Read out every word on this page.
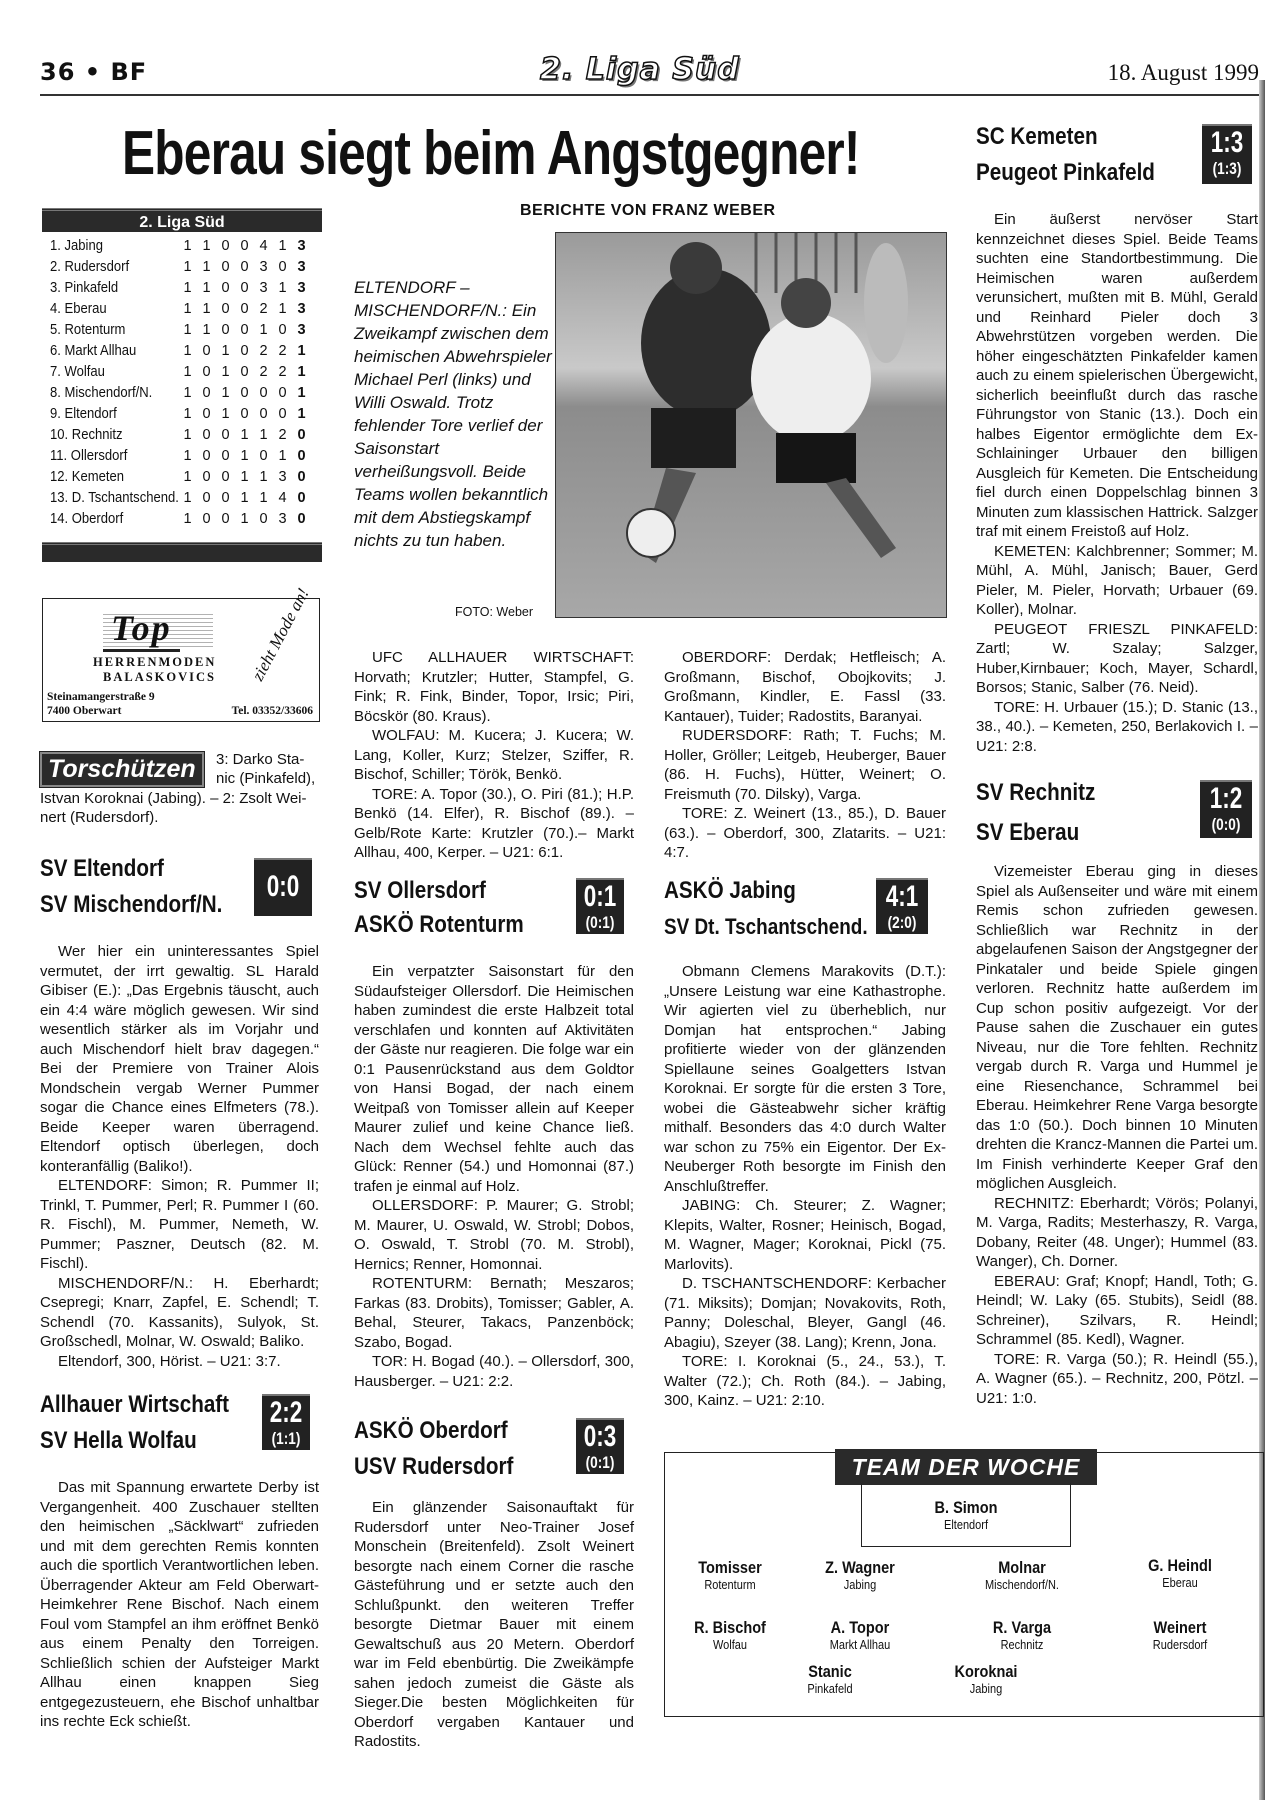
36 • BF	2. Liga Süd	18. August 1999
Eberau siegt beim Angstgegner!
BERICHTE VON FRANZ WEBER
2. Liga Süd
1. Jabing	1 1 0 0 4 1 3
2. Rudersdorf	1 1 0 0 3 0 3
3. Pinkafeld	1 1 0 0 3 1 3
4. Eberau	1 1 0 0 2 1 3
5. Rotenturm	1 1 0 0 1 0 3
6. Markt Allhau	1 0 1 0 2 2 1
7. Wolfau	1 0 1 0 2 2 1
8. Mischendorf/N.	1 0 1 0 0 0 1
9. Eltendorf	1 0 1 0 0 0 1
10. Rechnitz	1 0 0 1 1 2 0
11. Ollersdorf	1 0 0 1 0 1 0
12. Kemeten	1 0 0 1 1 3 0
13. D. Tschantschend. 1 0 0 1 1 4 0
14. Oberdorf	1 0 0 1 0 3 0
Top
HERRENMODEN
BALASKOVICS zieht Mode an!
Steinamangerstraße 9
7400 Oberwart	Tel. 03352/33606
Torschützen	3: Darko Sta-
nic (Pinkafeld),
Istvan Koroknai (Jabing). – 2: Zsolt Wei-
nert (Rudersdorf).
ELTENDORF – MISCHENDORF/N.: Ein Zweikampf zwischen dem heimischen Abwehrspieler Michael Perl (links) und Willi Oswald. Trotz fehlender Tore verlief der Saisonstart verheißungsvoll. Beide Teams wollen bekanntlich mit dem Abstiegskampf nichts zu tun haben.
FOTO: Weber
SV Eltendorf
SV Mischendorf/N.
0:0

Wer hier ein uninteressantes Spiel vermutet, der irrt gewaltig. SL Harald Gibiser (E.): „Das Ergebnis täuscht, auch ein 4:4 wäre möglich gewesen. Wir sind wesentlich stärker als im Vorjahr und auch Mischendorf hielt brav dagegen.“ Bei der Premiere von Trainer Alois Mondschein vergab Werner Pummer sogar die Chance eines Elfmeters (78.). Beide Keeper waren überragend. Eltendorf optisch überlegen, doch konteranfällig (Baliko!).

ELTENDORF: Simon; R. Pummer II; Trinkl, T. Pummer, Perl; R. Pummer I (60. R. Fischl), M. Pummer, Nemeth, W. Pummer; Paszner, Deutsch (82. M. Fischl).

MISCHENDORF/N.: H. Eberhardt; Csepregi; Knarr, Zapfel, E. Schendl; T. Schendl (70. Kassanits), Sulyok, St. Großschedl, Molnar, W. Oswald; Baliko.

Eltendorf, 300, Hörist. – U21: 3:7.

Allhauer Wirtschaft
SV Hella Wolfau
2:2
(1:1)

Das mit Spannung erwartete Derby ist Vergangenheit. 400 Zuschauer stellten den heimischen „Säcklwart“ zufrieden und mit dem gerechten Remis konnten auch die sportlich Verantwortlichen leben. Überragender Akteur am Feld Oberwart-Heimkehrer Rene Bischof. Nach einem Foul vom Stampfel an ihm eröffnet Benkö aus einem Penalty den Torreigen. Schließlich schien der Aufsteiger Markt Allhau einen knappen Sieg entgegezusteuern, ehe Bischof unhaltbar ins rechte Eck schießt.

UFC ALLHAUER WIRTSCHAFT: Horvath; Krutzler; Hutter, Stampfel, G. Fink; R. Fink, Binder, Topor, Irsic; Piri, Böcskör (80. Kraus).

WOLFAU: M. Kucera; J. Kucera; W. Lang, Koller, Kurz; Stelzer, Sziffer, R. Bischof, Schiller; Török, Benkö.

TORE: A. Topor (30.), O. Piri (81.); H.P. Benkö (14. Elfer), R. Bischof (89.). – Gelb/Rote Karte: Krutzler (70.).– Markt Allhau, 400, Kerper. – U21: 6:1.

SV Ollersdorf
ASKÖ Rotenturm
0:1
(0:1)

Ein verpatzter Saisonstart für den Südaufsteiger Ollersdorf. Die Heimischen haben zumindest die erste Halbzeit total verschlafen und konnten auf Aktivitäten der Gäste nur reagieren. Die folge war ein 0:1 Pausenrückstand aus dem Goldtor von Hansi Bogad, der nach einem Weitpaß von Tomisser allein auf Keeper Maurer zulief und keine Chance ließ. Nach dem Wechsel fehlte auch das Glück: Renner (54.) und Homonnai (87.) trafen je einmal auf Holz.

OLLERSDORF: P. Maurer; G. Strobl; M. Maurer, U. Oswald, W. Strobl; Dobos, O. Oswald, T. Strobl (70. M. Strobl), Hernics; Renner, Homonnai.

ROTENTURM: Bernath; Meszaros; Farkas (83. Drobits), Tomisser; Gabler, A. Behal, Steurer, Takacs, Panzenböck; Szabo, Bogad.

TOR: H. Bogad (40.). – Ollersdorf, 300, Hausberger. – U21: 2:2.

ASKÖ Oberdorf
USV Rudersdorf
0:3
(0:1)

Ein glänzender Saisonauftakt für Rudersdorf unter Neo-Trainer Josef Monschein (Breitenfeld). Zsolt Weinert besorgte nach einem Corner die rasche Gästeführung und er setzte auch den Schlußpunkt. den weiteren Treffer besorgte Dietmar Bauer mit einem Gewaltschuß aus 20 Metern. Oberdorf war im Feld ebenbürtig. Die Zweikämpfe sahen jedoch zumeist die Gäste als Sieger.Die besten Möglichkeiten für Oberdorf vergaben Kantauer und Radostits.

OBERDORF: Derdak; Hetfleisch; A. Großmann, Bischof, Obojkovits; J. Großmann, Kindler, E. Fassl (33. Kantauer), Tuider; Radostits, Baranyai.

RUDERSDORF: Rath; T. Fuchs; M. Holler, Gröller; Leitgeb, Heuberger, Bauer (86. H. Fuchs), Hütter, Weinert; O. Freismuth (70. Dilsky), Varga.

TORE: Z. Weinert (13., 85.), D. Bauer (63.). – Oberdorf, 300, Zlatarits. – U21: 4:7.

ASKÖ Jabing
SV Dt. Tschantschend.
4:1
(2:0)

Obmann Clemens Marakovits (D.T.): „Unsere Leistung war eine Kathastrophe. Wir agierten viel zu überheblich, nur Domjan hat entsprochen.“ Jabing profitierte wieder von der glänzenden Spiellaune seines Goalgetters Istvan Koroknai. Er sorgte für die ersten 3 Tore, wobei die Gästeabwehr sicher kräftig mithalf. Besonders das 4:0 durch Walter war schon zu 75% ein Eigentor. Der Ex-Neuberger Roth besorgte im Finish den Anschlußtreffer.

JABING: Ch. Steurer; Z. Wagner; Klepits, Walter, Rosner; Heinisch, Bogad, M. Wagner, Mager; Koroknai, Pickl (75. Marlovits).

D. TSCHANTSCHENDORF: Kerbacher (71. Miksits); Domjan; Novakovits, Roth, Panny; Doleschal, Bleyer, Gangl (46. Abagiu), Szeyer (38. Lang); Krenn, Jona.

TORE: I. Koroknai (5., 24., 53.), T. Walter (72.); Ch. Roth (84.). – Jabing, 300, Kainz. – U21: 2:10.

SC Kemeten
Peugeot Pinkafeld
1:3
(1:3)

Ein äußerst nervöser Start kennzeichnet dieses Spiel. Beide Teams suchten eine Standortbestimmung. Die Heimischen waren außerdem verunsichert, mußten mit B. Mühl, Gerald und Reinhard Pieler doch 3 Abwehrstützen vorgeben werden. Die höher eingeschätzten Pinkafelder kamen auch zu einem spielerischen Übergewicht, sicherlich beeinflußt durch das rasche Führungstor von Stanic (13.). Doch ein halbes Eigentor ermöglichte dem Ex-Schlaininger Urbauer den billigen Ausgleich für Kemeten. Die Entscheidung fiel durch einen Doppelschlag binnen 3 Minuten zum klassischen Hattrick. Salzger traf mit einem Freistoß auf Holz.

KEMETEN: Kalchbrenner; Sommer; M. Mühl, A. Mühl, Janisch; Bauer, Gerd Pieler, M. Pieler, Horvath; Urbauer (69. Koller), Molnar.

PEUGEOT FRIESZL PINKAFELD: Zartl; W. Szalay; Salzger, Huber,Kirnbauer; Koch, Mayer, Schardl, Borsos; Stanic, Salber (76. Neid).

TORE: H. Urbauer (15.); D. Stanic (13., 38., 40.). – Kemeten, 250, Berlakovich I. – U21: 2:8.

SV Rechnitz
SV Eberau
1:2
(0:0)

Vizemeister Eberau ging in dieses Spiel als Außenseiter und wäre mit einem Remis schon zufrieden gewesen. Schließlich war Rechnitz in der abgelaufenen Saison der Angstgegner der Pinkataler und beide Spiele gingen verloren. Rechnitz hatte außerdem im Cup schon positiv aufgezeigt. Vor der Pause sahen die Zuschauer ein gutes Niveau, nur die Tore fehlten. Rechnitz vergab durch R. Varga und Hummel je eine Riesenchance, Schrammel bei Eberau. Heimkehrer Rene Varga besorgte das 1:0 (50.). Doch binnen 10 Minuten drehten die Krancz-Mannen die Partei um. Im Finish verhinderte Keeper Graf den möglichen Ausgleich.

RECHNITZ: Eberhardt; Vörös; Polanyi, M. Varga, Radits; Mesterhaszy, R. Varga, Dobany, Reiter (48. Unger); Hummel (83. Wanger), Ch. Dorner.

EBERAU: Graf; Knopf; Handl, Toth; G. Heindl; W. Laky (65. Stubits), Seidl (88. Schreiner), Szilvars, R. Heindl; Schrammel (85. Kedl), Wagner.

TORE: R. Varga (50.); R. Heindl (55.), A. Wagner (65.). – Rechnitz, 200, Pötzl. – U21: 1:0.

TEAM DER WOCHE
B. Simon
Eltendorf
Tomisser
Rotenturm
Z. Wagner
Jabing
Molnar
Mischendorf/N.
G. Heindl
Eberau
R. Bischof
Wolfau
A. Topor
Markt Allhau
R. Varga
Rechnitz
Weinert
Rudersdorf
Stanic
Pinkafeld
Koroknai
Jabing
